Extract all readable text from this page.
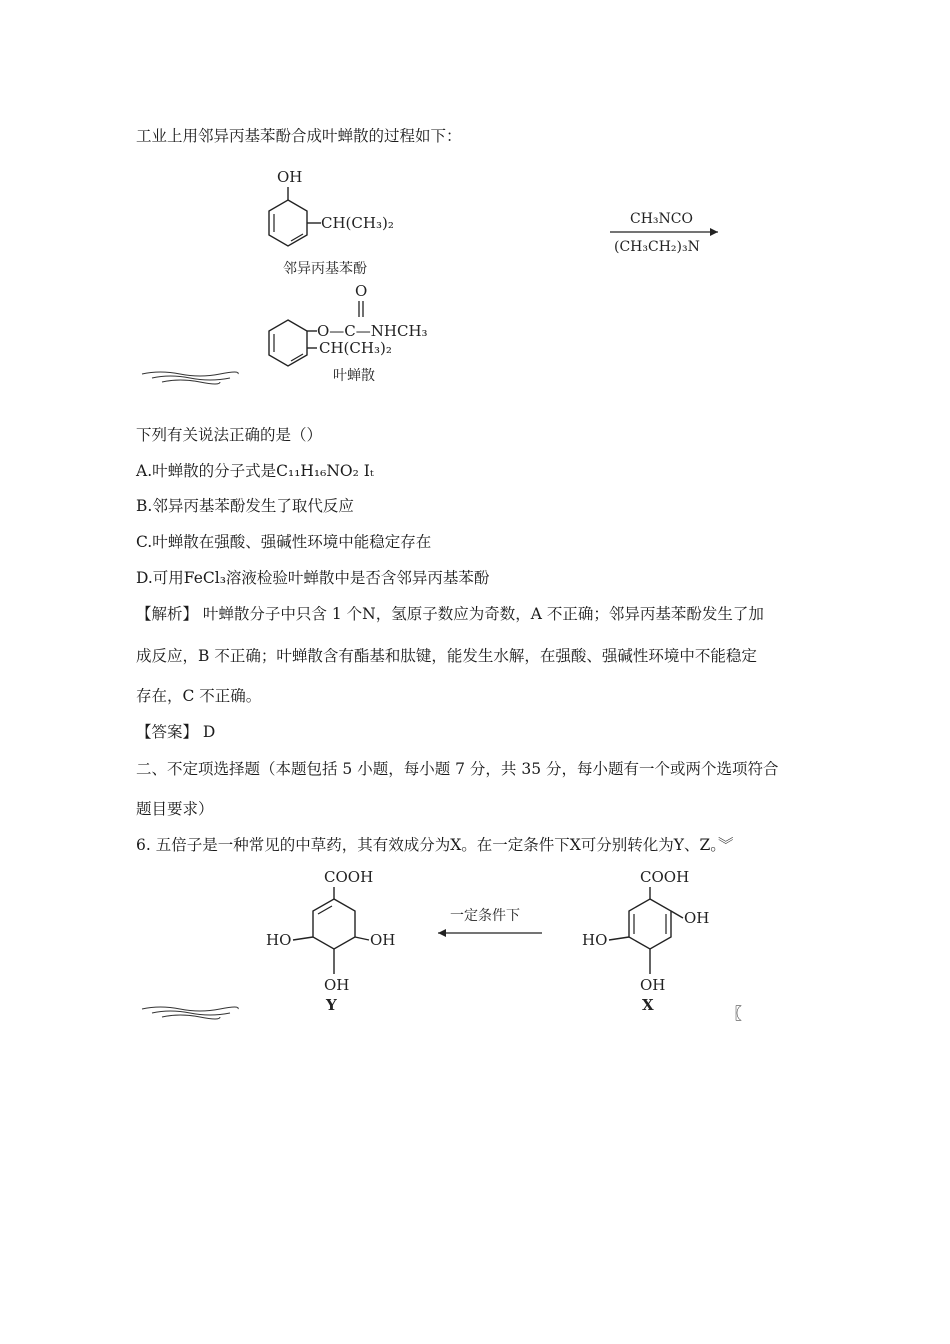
工业上用邻异丙基苯酚合成叶蝉散的过程如下：
OH
CH(CH₃)₂
邻异丙基苯酚
CH₃NCO
(CH₃CH₂)₃N
O
O—C—NHCH₃
CH(CH₃)₂
叶蝉散
下列有关说法正确的是（）
A.叶蝉散的分子式是C₁₁H₁₆NO₂ Ⅰₜ
B.邻异丙基苯酚发生了取代反应
C.叶蝉散在强酸、强碱性环境中能稳定存在
D.可用FeCl₃溶液检验叶蝉散中是否含邻异丙基苯酚
【解析】 叶蝉散分子中只含 1 个N，氢原子数应为奇数，A 不正确；邻异丙基苯酚发生了加
成反应，B 不正确；叶蝉散含有酯基和肽键，能发生水解，在强酸、强碱性环境中不能稳定
存在，C 不正确。
【答案】 D
二、不定项选择题（本题包括 5 小题，每小题 7 分，共 35 分，每小题有一个或两个选项符合
题目要求）
6. 五倍子是一种常见的中草药，其有效成分为X。在一定条件下X可分别转化为Y、Z。︾
COOH
HO	OH
OH
Y
一定条件下
COOH
HO
OH
OH
X	〖
